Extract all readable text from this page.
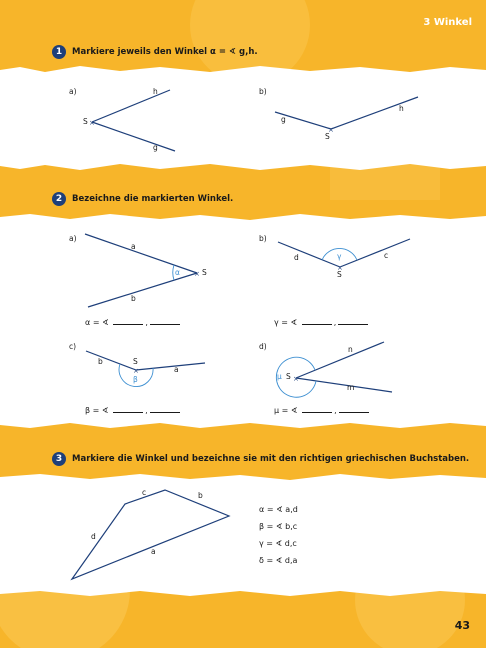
3 Winkel
1	Markiere jeweils den Winkel α = ∢ g,h.
×
×
a)
S
h
g
b)
g
h
S
2	Bezeichne die markierten Winkel.
×
×
×
×
a)
a
b
α	S
α = ∢	,
b)
d	c
γ
S
γ = ∢	,
c)
b
a
S
β
β = ∢	,
d)	n
m
μ S
μ = ∢	,
3	Markiere die Winkel und bezeichne sie mit den richtigen griechischen Buchstaben.
d
c	b
a
α = ∢ a,d
β = ∢ b,c
γ = ∢ d,c
δ = ∢ d,a
43
